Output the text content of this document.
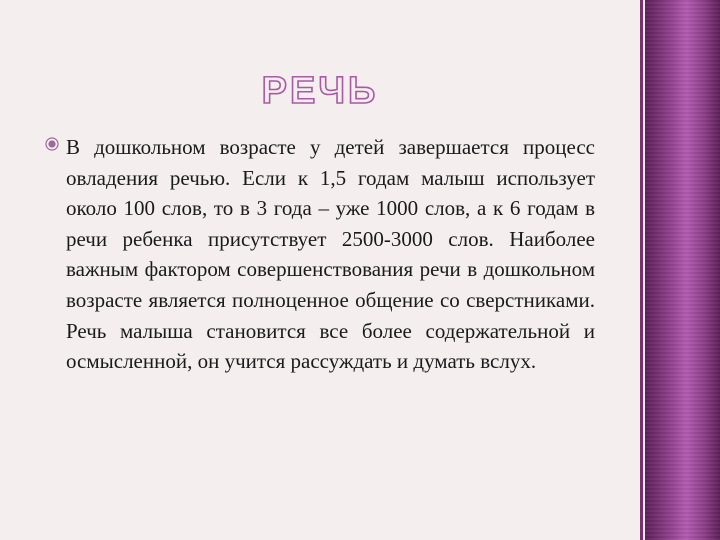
РЕЧЬ

В дошкольном возрасте у детей завершается процесс овладения речью. Если к 1,5 годам малыш использует около 100 слов, то в 3 года – уже 1000 слов, а к 6 годам в речи ребенка присутствует 2500-3000 слов. Наиболее важным фактором совершенствования речи в дошкольном возрасте является полноценное общение со сверстниками. Речь малыша становится все более содержательной и осмысленной, он учится рассуждать и думать вслух.
